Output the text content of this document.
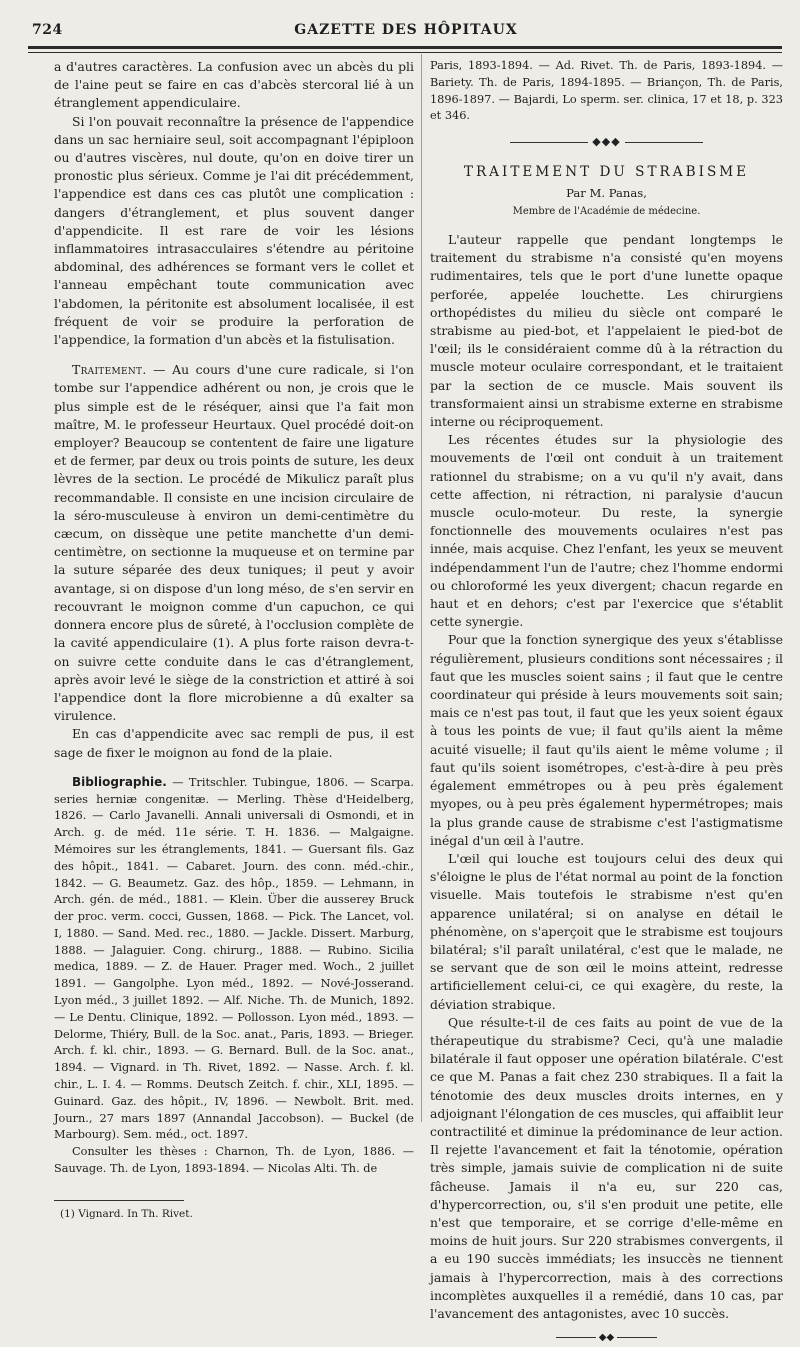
724	GAZETTE DES HÔPITAUX

a d'autres caractères. La confusion avec un abcès du pli de l'aine peut se faire en cas d'abcès stercoral lié à un étranglement appendiculaire.

Si l'on pouvait reconnaître la présence de l'appendice dans un sac herniaire seul, soit accompagnant l'épiploon ou d'autres viscères, nul doute, qu'on en doive tirer un pronostic plus sérieux. Comme je l'ai dit précédemment, l'appendice est dans ces cas plutôt une complication : dangers d'étranglement, et plus souvent danger d'appendicite. Il est rare de voir les lésions inflammatoires intrasacculaires s'étendre au péritoine abdominal, des adhérences se formant vers le collet et l'anneau empêchant toute communication avec l'abdomen, la péritonite est absolument localisée, il est fréquent de voir se produire la perforation de l'appendice, la formation d'un abcès et la fistulisation.

Traitement. — Au cours d'une cure radicale, si l'on tombe sur l'appendice adhérent ou non, je crois que le plus simple est de le réséquer, ainsi que l'a fait mon maître, M. le professeur Heurtaux. Quel procédé doit-on employer? Beaucoup se contentent de faire une ligature et de fermer, par deux ou trois points de suture, les deux lèvres de la section. Le procédé de Mikulicz paraît plus recommandable. Il consiste en une incision circulaire de la séro-musculeuse à environ un demi-centimètre du cæcum, on dissèque une petite manchette d'un demi-centimètre, on sectionne la muqueuse et on termine par la suture séparée des deux tuniques; il peut y avoir avantage, si on dispose d'un long méso, de s'en servir en recouvrant le moignon comme d'un capuchon, ce qui donnera encore plus de sûreté, à l'occlusion complète de la cavité appendiculaire (1). A plus forte raison devra-t-on suivre cette conduite dans le cas d'étranglement, après avoir levé le siège de la constriction et attiré à soi l'appendice dont la flore microbienne a dû exalter sa virulence.

En cas d'appendicite avec sac rempli de pus, il est sage de fixer le moignon au fond de la plaie.

Bibliographie. — Tritschler. Tubingue, 1806. — Scarpa. series herniæ congenitæ. — Merling. Thèse d'Heidelberg, 1826. — Carlo Javanelli. Annali universali di Osmondi, et in Arch. g. de méd. 11e série. T. H. 1836. — Malgaigne. Mémoires sur les étranglements, 1841. — Guersant fils. Gaz des hôpit., 1841. — Cabaret. Journ. des conn. méd.-chir., 1842. — G. Beaumetz. Gaz. des hôp., 1859. — Lehmann, in Arch. gén. de méd., 1881. — Klein. Über die ausserey Bruck der proc. verm. cocci, Gussen, 1868. — Pick. The Lancet, vol. I, 1880. — Sand. Med. rec., 1880. — Jackle. Dissert. Marburg, 1888. — Jalaguier. Cong. chirurg., 1888. — Rubino. Sicilia medica, 1889. — Z. de Hauer. Prager med. Woch., 2 juillet 1891. — Gangolphe. Lyon méd., 1892. — Nové-Josserand. Lyon méd., 3 juillet 1892. — Alf. Niche. Th. de Munich, 1892. — Le Dentu. Clinique, 1892. — Pollosson. Lyon méd., 1893. — Delorme, Thiéry, Bull. de la Soc. anat., Paris, 1893. — Brieger. Arch. f. kl. chir., 1893. — G. Bernard. Bull. de la Soc. anat., 1894. — Vignard. in Th. Rivet, 1892. — Nasse. Arch. f. kl. chir., L. I. 4. — Romms. Deutsch Zeitch. f. chir., XLI, 1895. — Guinard. Gaz. des hôpit., IV, 1896. — Newbolt. Brit. med. Journ., 27 mars 1897 (Annandal Jaccobson). — Buckel (de Marbourg). Sem. méd., oct. 1897.

Consulter les thèses : Charnon, Th. de Lyon, 1886. — Sauvage. Th. de Lyon, 1893-1894. — Nicolas Alti. Th. de

(1) Vignard. In Th. Rivet.

Paris, 1893-1894. — Ad. Rivet. Th. de Paris, 1893-1894. — Bariety. Th. de Paris, 1894-1895. — Briançon, Th. de Paris, 1896-1897. — Bajardi, Lo sperm. ser. clinica, 17 et 18, p. 323 et 346.

◆◆◆
TRAITEMENT DU STRABISME
Par M. Panas,
Membre de l'Académie de médecine.

L'auteur rappelle que pendant longtemps le traitement du strabisme n'a consisté qu'en moyens rudimentaires, tels que le port d'une lunette opaque perforée, appelée louchette. Les chirurgiens orthopédistes du milieu du siècle ont comparé le strabisme au pied-bot, et l'appelaient le pied-bot de l'œil; ils le considéraient comme dû à la rétraction du muscle moteur oculaire correspondant, et le traitaient par la section de ce muscle. Mais souvent ils transformaient ainsi un strabisme externe en strabisme interne ou réciproquement.

Les récentes études sur la physiologie des mouvements de l'œil ont conduit à un traitement rationnel du strabisme; on a vu qu'il n'y avait, dans cette affection, ni rétraction, ni paralysie d'aucun muscle oculo-moteur. Du reste, la synergie fonctionnelle des mouvements oculaires n'est pas innée, mais acquise. Chez l'enfant, les yeux se meuvent indépendamment l'un de l'autre; chez l'homme endormi ou chloroformé les yeux divergent; chacun regarde en haut et en dehors; c'est par l'exercice que s'établit cette synergie.

Pour que la fonction synergique des yeux s'établisse régulièrement, plusieurs conditions sont nécessaires ; il faut que les muscles soient sains ; il faut que le centre coordinateur qui préside à leurs mouvements soit sain; mais ce n'est pas tout, il faut que les yeux soient égaux à tous les points de vue; il faut qu'ils aient la même acuité visuelle; il faut qu'ils aient le même volume ; il faut qu'ils soient isométropes, c'est-à-dire à peu près également emmétropes ou à peu près également myopes, ou à peu près également hypermétropes; mais la plus grande cause de strabisme c'est l'astigmatisme inégal d'un œil à l'autre.

L'œil qui louche est toujours celui des deux qui s'éloigne le plus de l'état normal au point de la fonction visuelle. Mais toutefois le strabisme n'est qu'en apparence unilatéral; si on analyse en détail le phénomène, on s'aperçoit que le strabisme est toujours bilatéral; s'il paraît unilatéral, c'est que le malade, ne se servant que de son œil le moins atteint, redresse artificiellement celui-ci, ce qui exagère, du reste, la déviation strabique.

Que résulte-t-il de ces faits au point de vue de la thérapeutique du strabisme? Ceci, qu'à une maladie bilatérale il faut opposer une opération bilatérale. C'est ce que M. Panas a fait chez 230 strabiques. Il a fait la ténotomie des deux muscles droits internes, en y adjoignant l'élongation de ces muscles, qui affaiblit leur contractilité et diminue la prédominance de leur action. Il rejette l'avancement et fait la ténotomie, opération très simple, jamais suivie de complication ni de suite fâcheuse. Jamais il n'a eu, sur 220 cas, d'hypercorrection, ou, s'il s'en produit une petite, elle n'est que temporaire, et se corrige d'elle-même en moins de huit jours. Sur 220 strabismes convergents, il a eu 190 succès immédiats; les insuccès ne tiennent jamais à l'hypercorrection, mais à des corrections incomplètes auxquelles il a remédié, dans 10 cas, par l'avancement des antagonistes, avec 10 succès.

◆◆
